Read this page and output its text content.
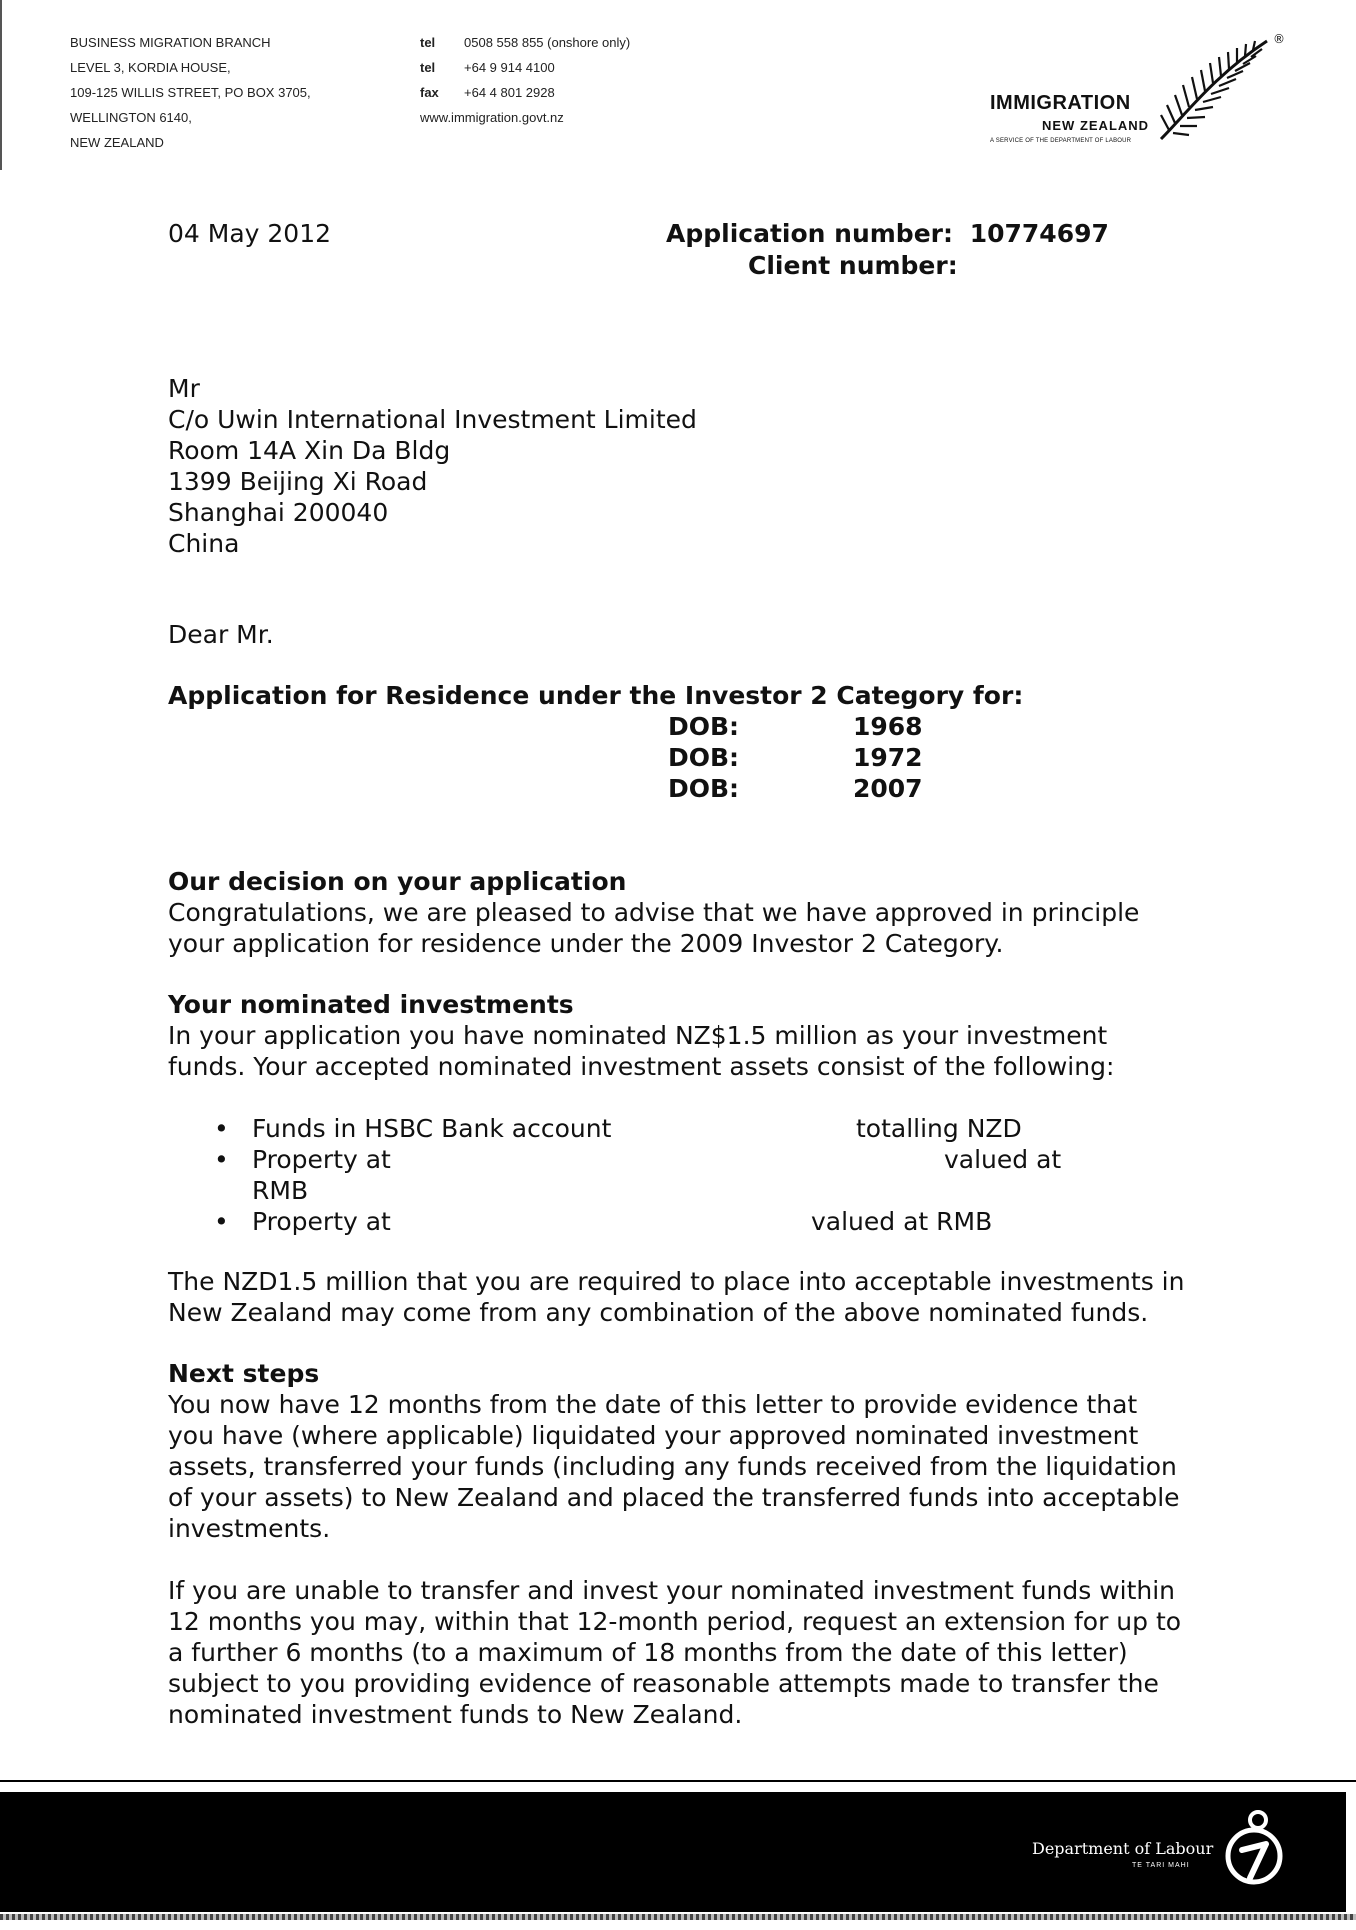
BUSINESS MIGRATION BRANCH
LEVEL 3, KORDIA HOUSE,
109-125 WILLIS STREET, PO BOX 3705,
WELLINGTON 6140,
NEW ZEALAND
tel	0508 558 855 (onshore only)
tel	+64 9 914 4100
fax	+64 4 801 2928
www.immigration.govt.nz
IMMIGRATION
NEW ZEALAND
A SERVICE OF THE DEPARTMENT OF LABOUR
®
04 May 2012	Application number: 10774697
Client number:
Mr
C/o Uwin International Investment Limited
Room 14A Xin Da Bldg
1399 Beijing Xi Road
Shanghai 200040
China
Dear Mr.
Application for Residence under the Investor 2 Category for:
DOB:	1968
DOB:	1972
DOB:	2007
Our decision on your application
Congratulations, we are pleased to advise that we have approved in principle
your application for residence under the 2009 Investor 2 Category.
Your nominated investments
In your application you have nominated NZ$1.5 million as your investment
funds. Your accepted nominated investment assets consist of the following:
• Funds in HSBC Bank account	totalling NZD
• Property at	valued at
RMB
• Property at	valued at RMB
The NZD1.5 million that you are required to place into acceptable investments in
New Zealand may come from any combination of the above nominated funds.
Next steps
You now have 12 months from the date of this letter to provide evidence that
you have (where applicable) liquidated your approved nominated investment
assets, transferred your funds (including any funds received from the liquidation
of your assets) to New Zealand and placed the transferred funds into acceptable
investments.
If you are unable to transfer and invest your nominated investment funds within
12 months you may, within that 12-month period, request an extension for up to
a further 6 months (to a maximum of 18 months from the date of this letter)
subject to you providing evidence of reasonable attempts made to transfer the
nominated investment funds to New Zealand.
Department of Labour
TE TARI MAHI
